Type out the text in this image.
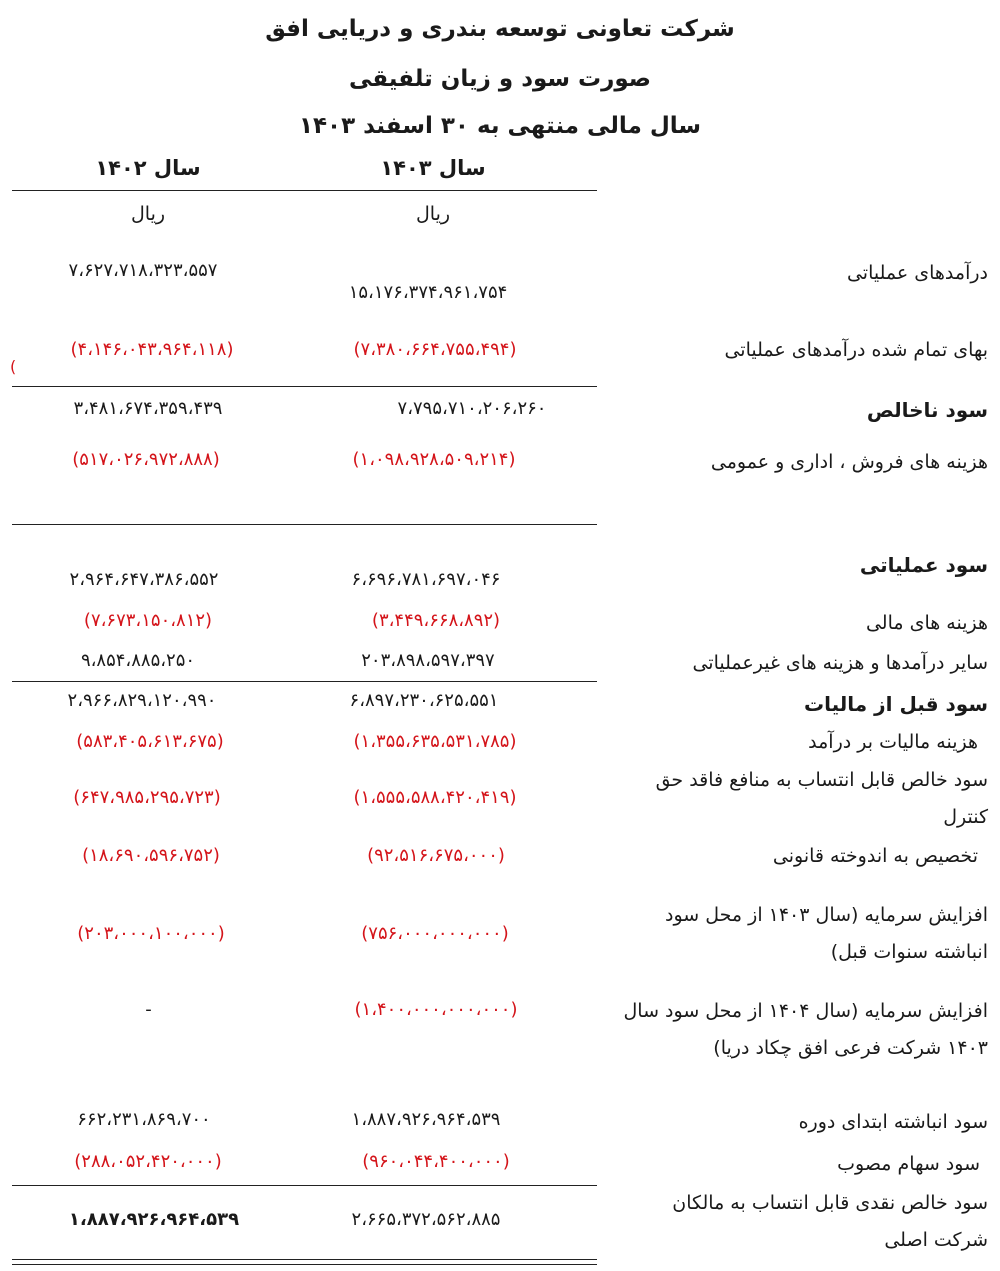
شرکت تعاونی توسعه بندری و دریایی افق
صورت سود و زیان تلفیقی
سال مالی منتهی به ۳۰ اسفند ۱۴۰۳
سال ۱۴۰۳
سال ۱۴۰۲
ریال
ریال
درآمدهای عملیاتی
۱۵،۱۷۶،۳۷۴،۹۶۱،۷۵۴
۷،۶۲۷،۷۱۸،۳۲۳،۵۵۷
بهای تمام شده درآمدهای عملیاتی
(۷،۳۸۰،۶۶۴،۷۵۵،۴۹۴)
(۴،۱۴۶،۰۴۳،۹۶۴،۱۱۸)
(
سود ناخالص
۷،۷۹۵،۷۱۰،۲۰۶،۲۶۰
۳،۴۸۱،۶۷۴،۳۵۹،۴۳۹
هزینه های فروش ، اداری و عمومی
(۱،۰۹۸،۹۲۸،۵۰۹،۲۱۴)
(۵۱۷،۰۲۶،۹۷۲،۸۸۸)
سود عملیاتی
۶،۶۹۶،۷۸۱،۶۹۷،۰۴۶
۲،۹۶۴،۶۴۷،۳۸۶،۵۵۲
هزینه های مالی
(۳،۴۴۹،۶۶۸،۸۹۲)
(۷،۶۷۳،۱۵۰،۸۱۲)
سایر درآمدها و هزینه های غیرعملیاتی
۲۰۳،۸۹۸،۵۹۷،۳۹۷
۹،۸۵۴،۸۸۵،۲۵۰
سود قبل از مالیات
۶،۸۹۷،۲۳۰،۶۲۵،۵۵۱
۲،۹۶۶،۸۲۹،۱۲۰،۹۹۰
هزینه مالیات بر درآمد
(۱،۳۵۵،۶۳۵،۵۳۱،۷۸۵)
(۵۸۳،۴۰۵،۶۱۳،۶۷۵)
سود خالص قابل انتساب به منافع فاقد حق کنترل
(۱،۵۵۵،۵۸۸،۴۲۰،۴۱۹)
(۶۴۷،۹۸۵،۲۹۵،۷۲۳)
تخصیص به اندوخته قانونی
(۹۲،۵۱۶،۶۷۵،۰۰۰)
(۱۸،۶۹۰،۵۹۶،۷۵۲)
افزایش سرمایه (سال ۱۴۰۳ از محل سود انباشته سنوات قبل)
(۷۵۶،۰۰۰،۰۰۰،۰۰۰)
(۲۰۳،۰۰۰،۱۰۰،۰۰۰)
افزایش سرمایه (سال ۱۴۰۴ از محل سود سال ۱۴۰۳ شرکت فرعی افق چکاد دریا)
(۱،۴۰۰،۰۰۰،۰۰۰،۰۰۰)
-
سود انباشته ابتدای دوره
۱،۸۸۷،۹۲۶،۹۶۴،۵۳۹
۶۶۲،۲۳۱،۸۶۹،۷۰۰
سود سهام مصوب
(۹۶۰،۰۴۴،۴۰۰،۰۰۰)
(۲۸۸،۰۵۲،۴۲۰،۰۰۰)
سود خالص نقدی قابل انتساب به مالکان شرکت اصلی
۲،۶۶۵،۳۷۲،۵۶۲،۸۸۵
۱،۸۸۷،۹۲۶،۹۶۴،۵۳۹
